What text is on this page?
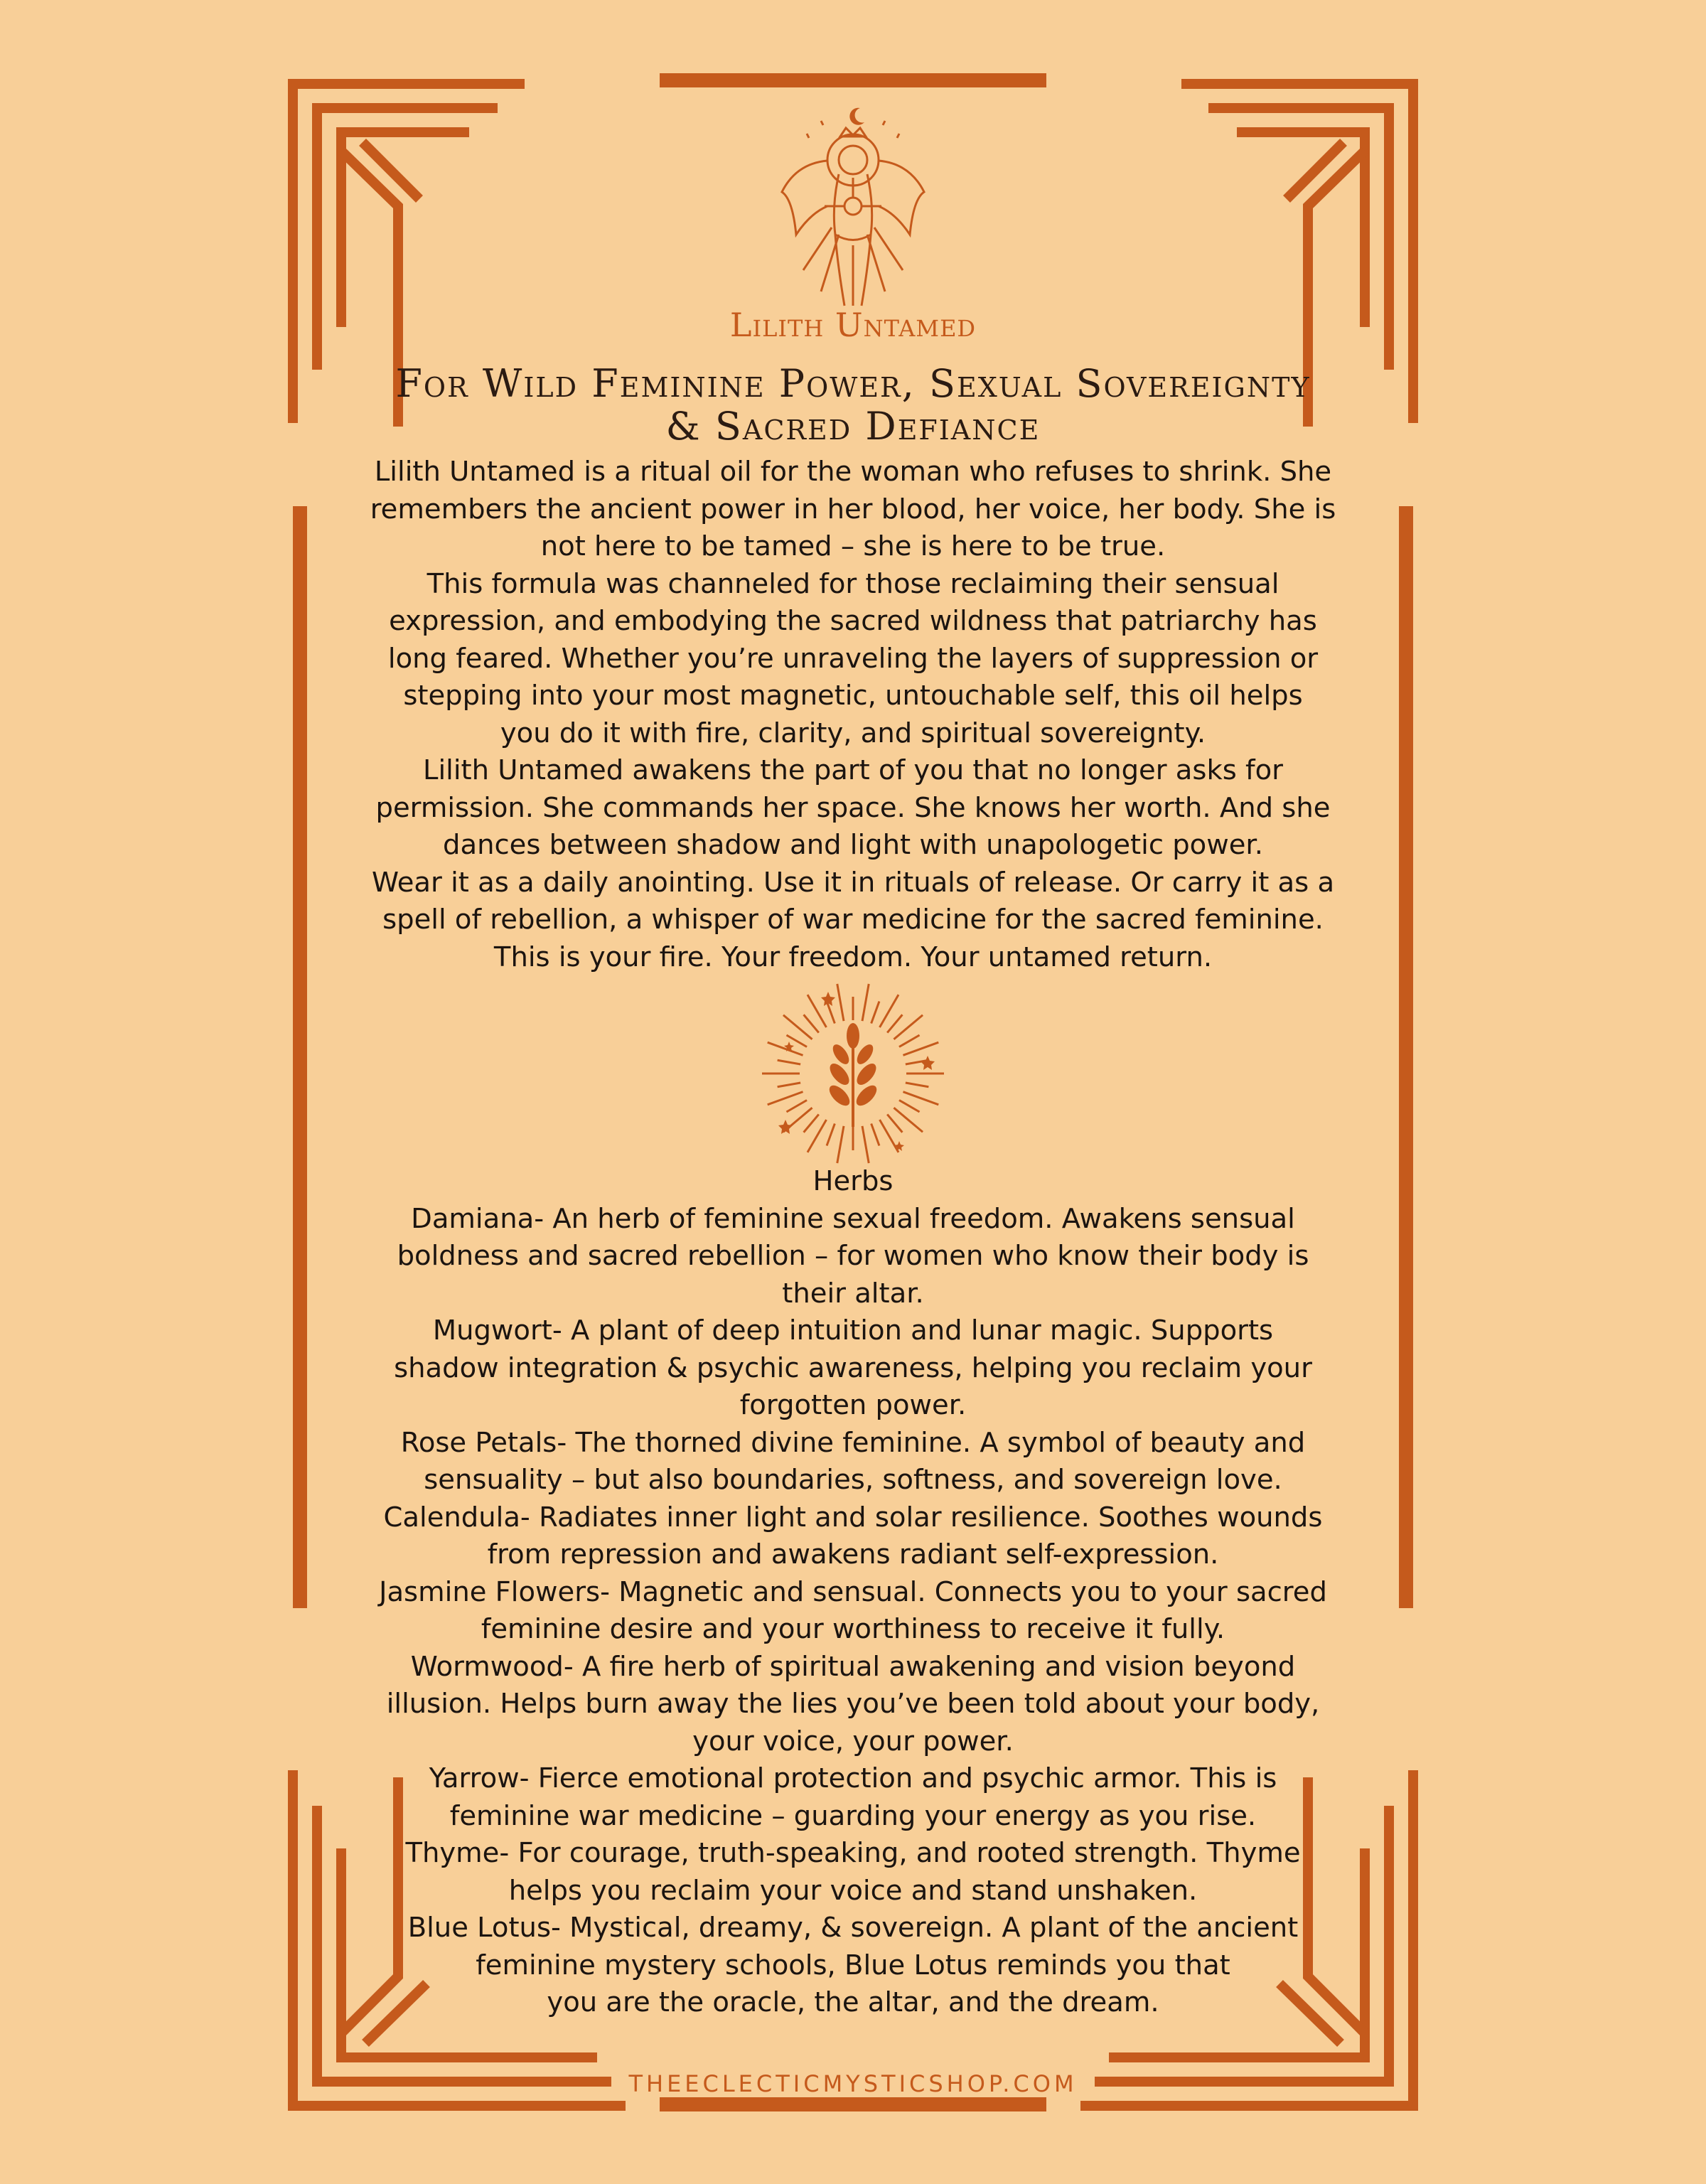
Lilith Untamed
For Wild Feminine Power, Sexual Sovereignty
& Sacred Defiance

Lilith Untamed is a ritual oil for the woman who refuses to shrink. She

remembers the ancient power in her blood, her voice, her body. She is

not here to be tamed – she is here to be true.

This formula was channeled for those reclaiming their sensual

expression, and embodying the sacred wildness that patriarchy has

long feared. Whether you’re unraveling the layers of suppression or

stepping into your most magnetic, untouchable self, this oil helps

you do it with fire, clarity, and spiritual sovereignty.

Lilith Untamed awakens the part of you that no longer asks for

permission. She commands her space. She knows her worth. And she

dances between shadow and light with unapologetic power.

Wear it as a daily anointing. Use it in rituals of release. Or carry it as a

spell of rebellion, a whisper of war medicine for the sacred feminine.

This is your fire. Your freedom. Your untamed return.

Herbs

Damiana- An herb of feminine sexual freedom. Awakens sensual

boldness and sacred rebellion – for women who know their body is

their altar.

Mugwort- A plant of deep intuition and lunar magic. Supports

shadow integration & psychic awareness, helping you reclaim your

forgotten power.

Rose Petals- The thorned divine feminine. A symbol of beauty and

sensuality – but also boundaries, softness, and sovereign love.

Calendula- Radiates inner light and solar resilience. Soothes wounds

from repression and awakens radiant self-expression.

Jasmine Flowers- Magnetic and sensual. Connects you to your sacred

feminine desire and your worthiness to receive it fully.

Wormwood- A fire herb of spiritual awakening and vision beyond

illusion. Helps burn away the lies you’ve been told about your body,

your voice, your power.

Yarrow- Fierce emotional protection and psychic armor. This is

feminine war medicine – guarding your energy as you rise.

Thyme- For courage, truth-speaking, and rooted strength. Thyme

helps you reclaim your voice and stand unshaken.

Blue Lotus- Mystical, dreamy, & sovereign. A plant of the ancient

feminine mystery schools, Blue Lotus reminds you that

you are the oracle, the altar, and the dream.

THEECLECTICMYSTICSHOP.COM
